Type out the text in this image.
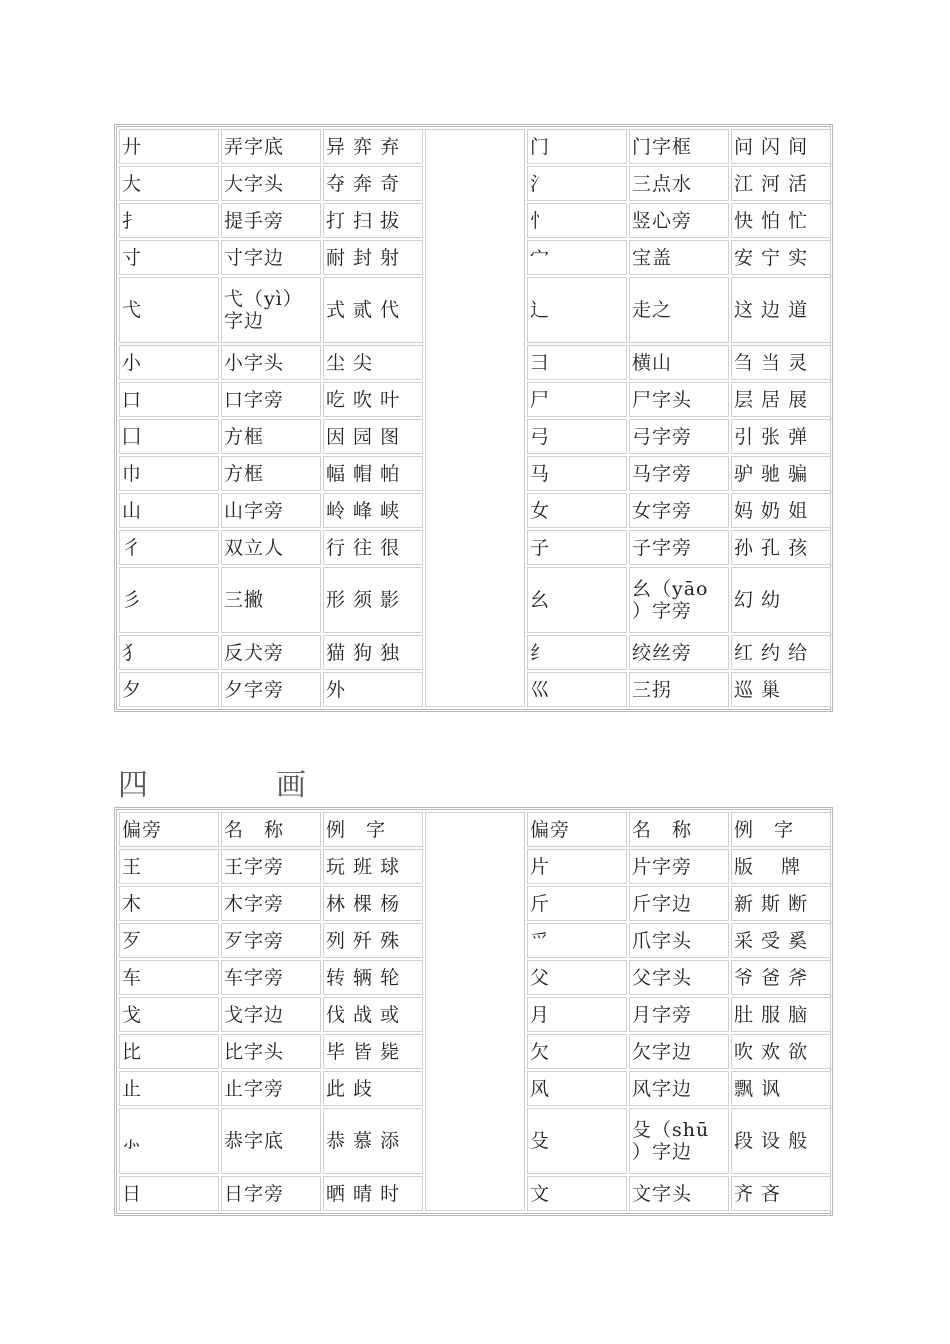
廾	弄字底	异 弈 弃		门	门字框	问 闪 间
大	大字头	夺 奔 奇		氵	三点水	江 河 活
扌	提手旁	打 扫 拔		忄	竖心旁	快 怕 忙
寸	寸字边	耐 封 射		宀	宝盖	安 宁 实
弋	弋（yì）字边	式 贰 代		辶	走之	这 边 道
小	小字头	尘 尖		彐	横山	刍 当 灵
口	口字旁	吃 吹 叶		尸	尸字头	层 居 展
囗	方框	因 园 图		弓	弓字旁	引 张 弹
巾	方框	幅 帽 帕		马	马字旁	驴 驰 骗
山	山字旁	岭 峰 峡		女	女字旁	妈 奶 姐
彳	双立人	行 往 很		子	子字旁	孙 孔 孩
彡	三撇	形 须 影		幺	幺（yāo ）字旁	幻 幼
犭	反犬旁	猫 狗 独		纟	绞丝旁	红 约 给
夕	夕字旁	外		巛	三拐	巡 巢
四	画
偏旁	名　称	例　字		偏旁	名　称	例　字
王	王字旁	玩 班 球		片	片字旁	版 　牌
木	木字旁	林 棵 杨		斤	斤字边	新 斯 断
歹	歹字旁	列 歼 殊		爫	爪字头	采 受 奚
车	车字旁	转 辆 轮		父	父字头	爷 爸 斧
戈	戈字边	伐 战 或		月	月字旁	肚 服 脑
比	比字头	毕 皆 毙		欠	欠字边	吹 欢 欲
止	止字旁	此 歧		风	风字边	飘 讽
⺗	恭字底	恭 慕 添		殳	殳（shū ）字边	段 设 般
日	日字旁	晒 晴 时		文	文字头	齐 吝
